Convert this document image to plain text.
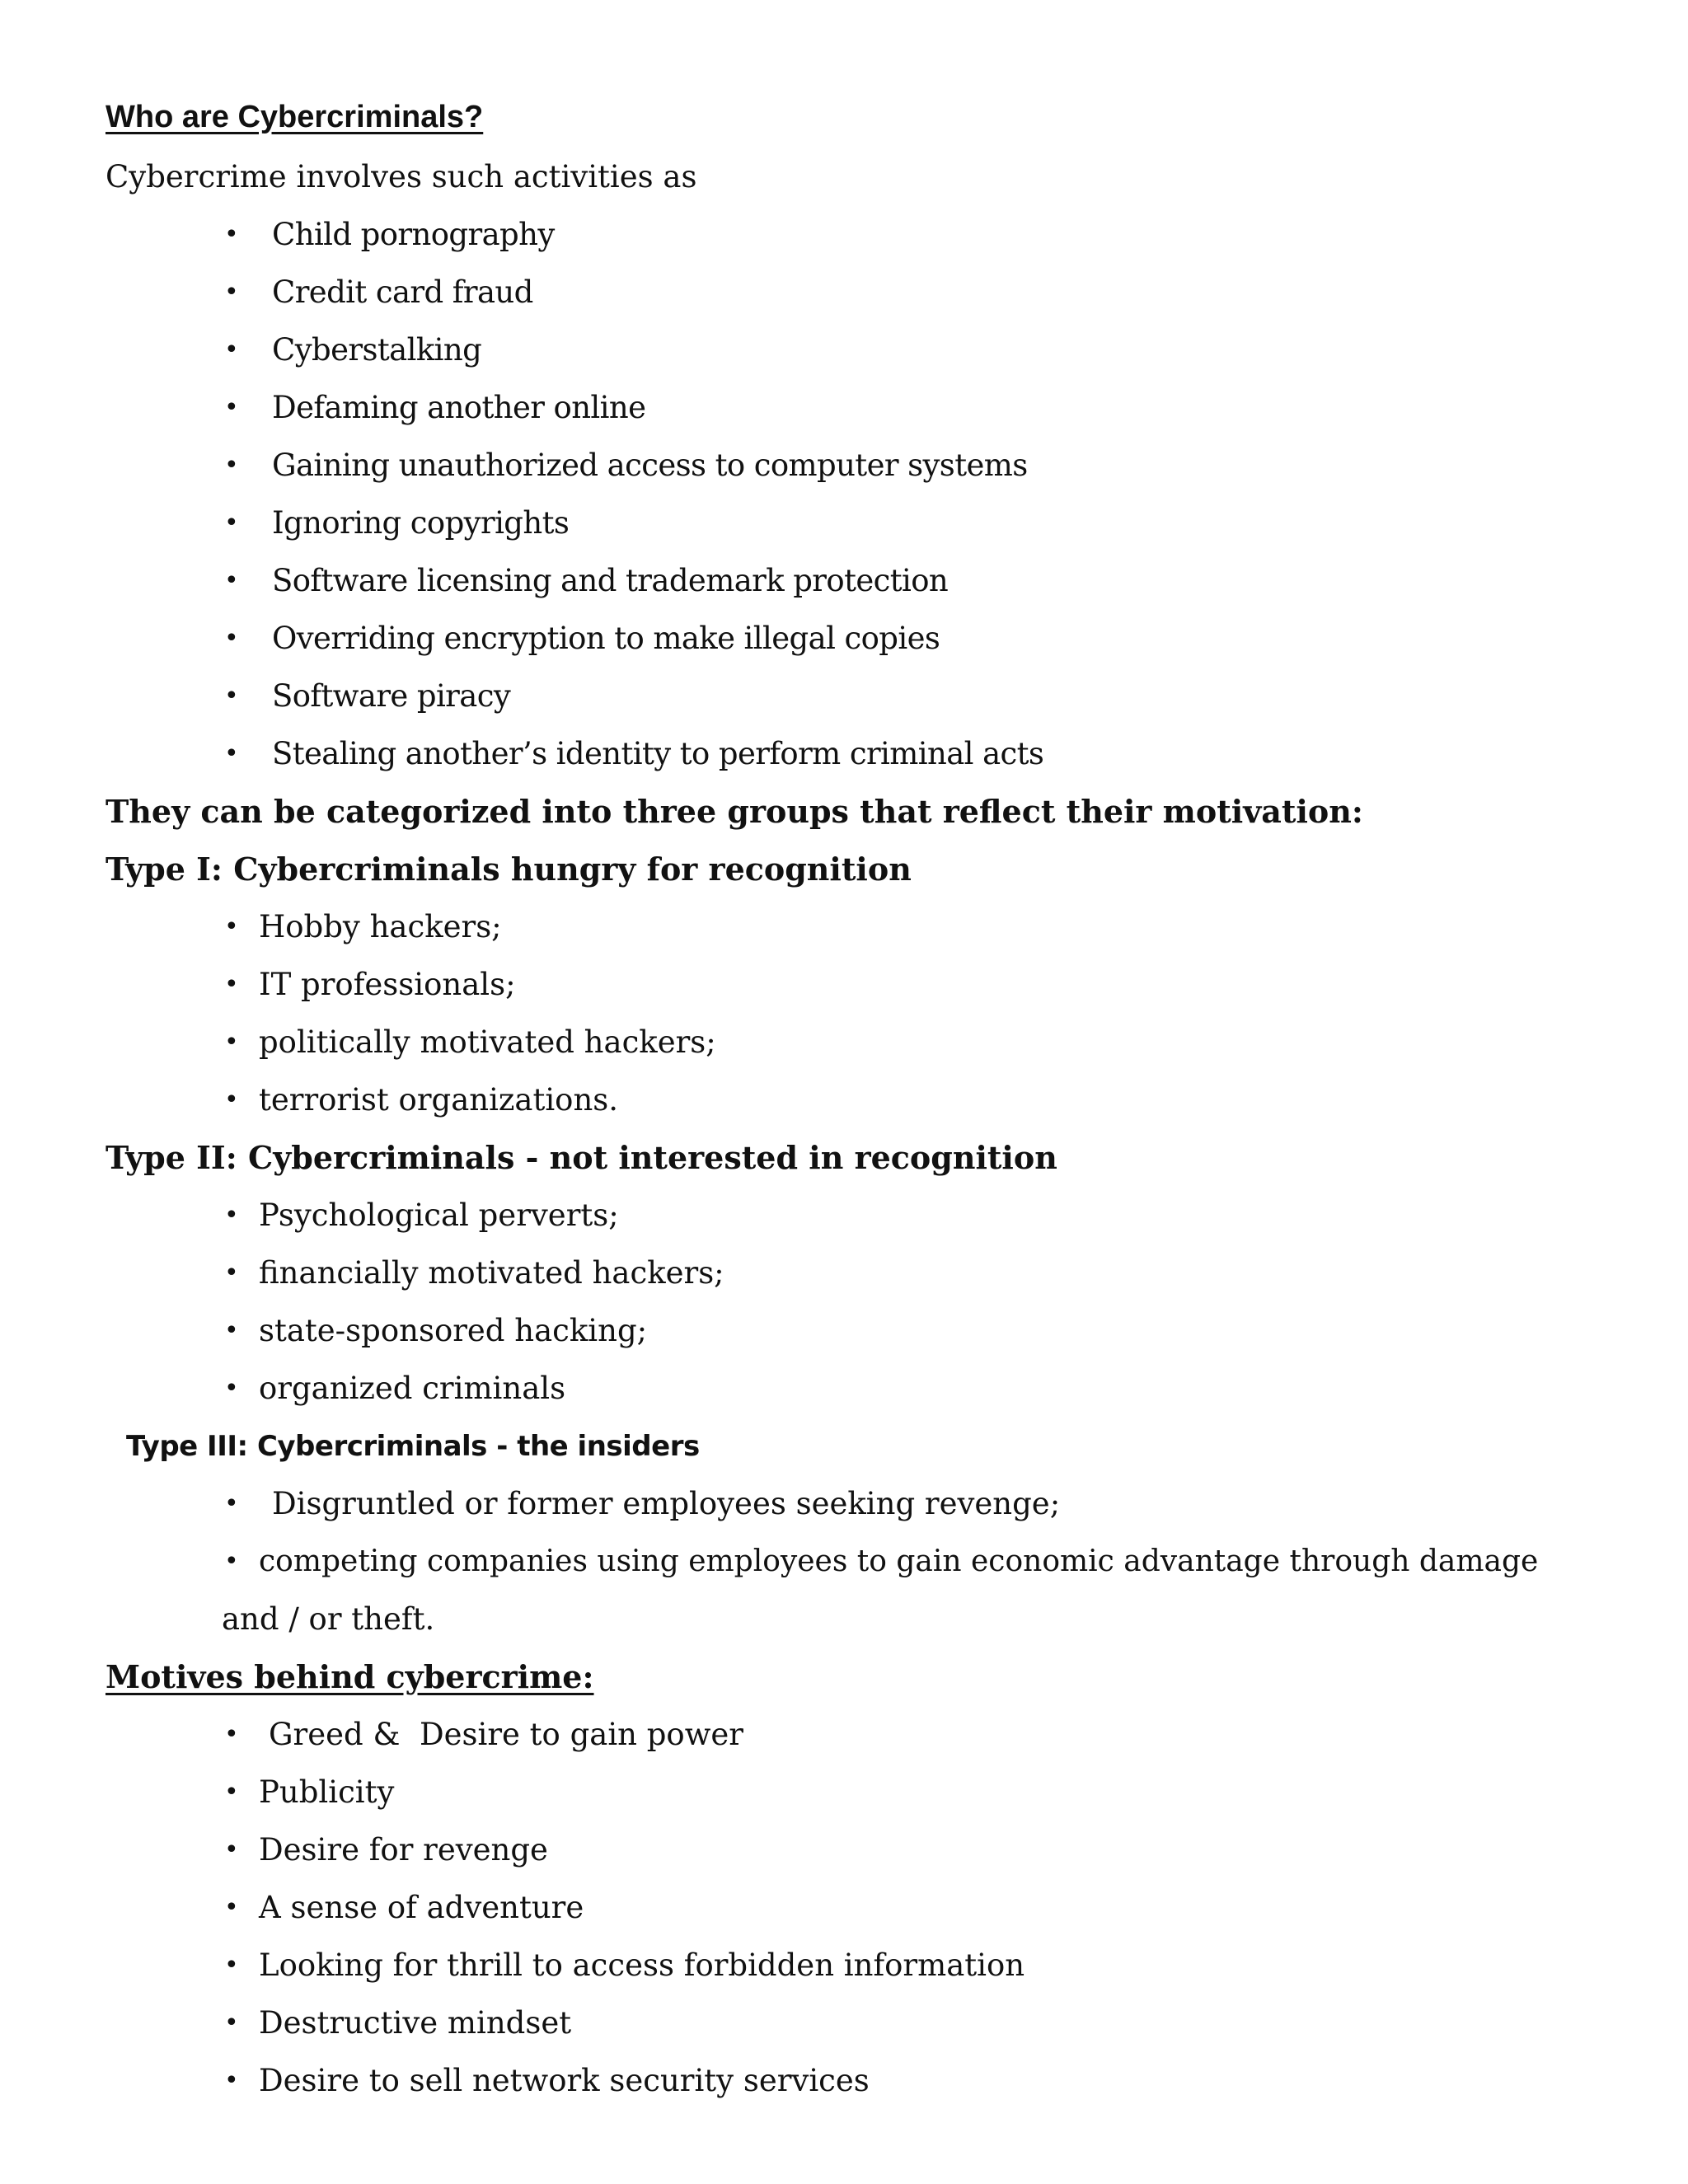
Who are Cybercriminals?
Cybercrime involves such activities as
• Child pornography
• Credit card fraud
• Cyberstalking
• Defaming another online
• Gaining unauthorized access to computer systems
• Ignoring copyrights
• Software licensing and trademark protection
• Overriding encryption to make illegal copies
• Software piracy
• Stealing another’s identity to perform criminal acts
They can be categorized into three groups that reflect their motivation:
Type I: Cybercriminals hungry for recognition
• Hobby hackers;
• IT professionals;
• politically motivated hackers;
• terrorist organizations.
Type II: Cybercriminals - not interested in recognition
• Psychological perverts;
• financially motivated hackers;
• state-sponsored hacking;
• organized criminals
Type III: Cybercriminals - the insiders
• Disgruntled or former employees seeking revenge;
• competing companies using employees to gain economic advantage through damage
and / or theft.
Motives behind cybercrime:
• Greed &  Desire to gain power
• Publicity
• Desire for revenge
• A sense of adventure
• Looking for thrill to access forbidden information
• Destructive mindset
• Desire to sell network security services
